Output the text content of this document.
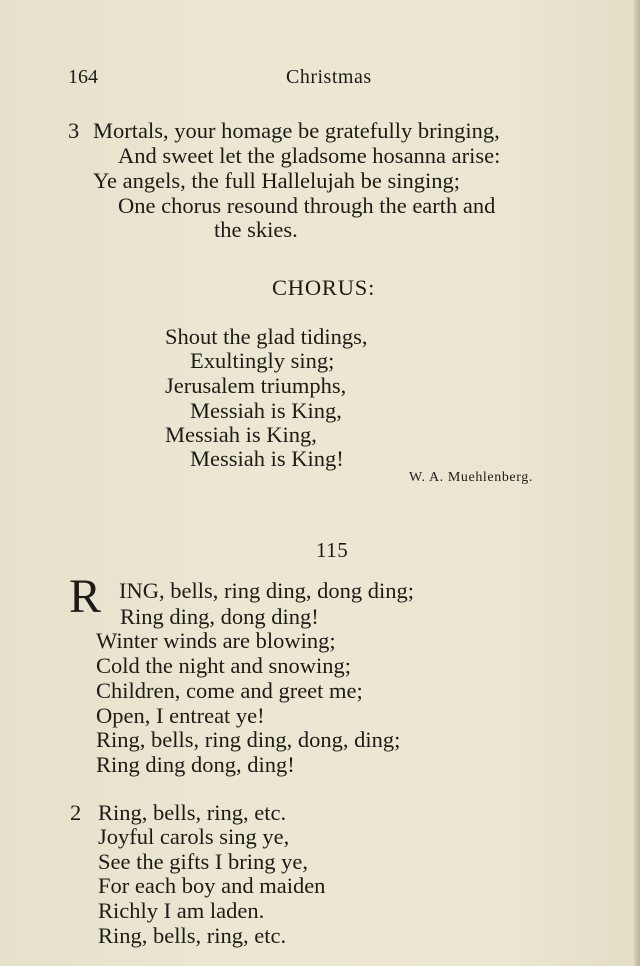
164	Christmas
3 Mortals, your homage be gratefully bringing,
And sweet let the gladsome hosanna arise:
Ye angels, the full Hallelujah be singing;
One chorus resound through the earth and
the skies.
CHORUS:
Shout the glad tidings,
Exultingly sing;
Jerusalem triumphs,
Messiah is King,
Messiah is King,
Messiah is King!
W. A. Muehlenberg.
115
R ING, bells, ring ding, dong ding;
Ring ding, dong ding!
Winter winds are blowing;
Cold the night and snowing;
Children, come and greet me;
Open, I entreat ye!
Ring, bells, ring ding, dong, ding;
Ring ding dong, ding!
2 Ring, bells, ring, etc.
Joyful carols sing ye,
See the gifts I bring ye,
For each boy and maiden
Richly I am laden.
Ring, bells, ring, etc.
